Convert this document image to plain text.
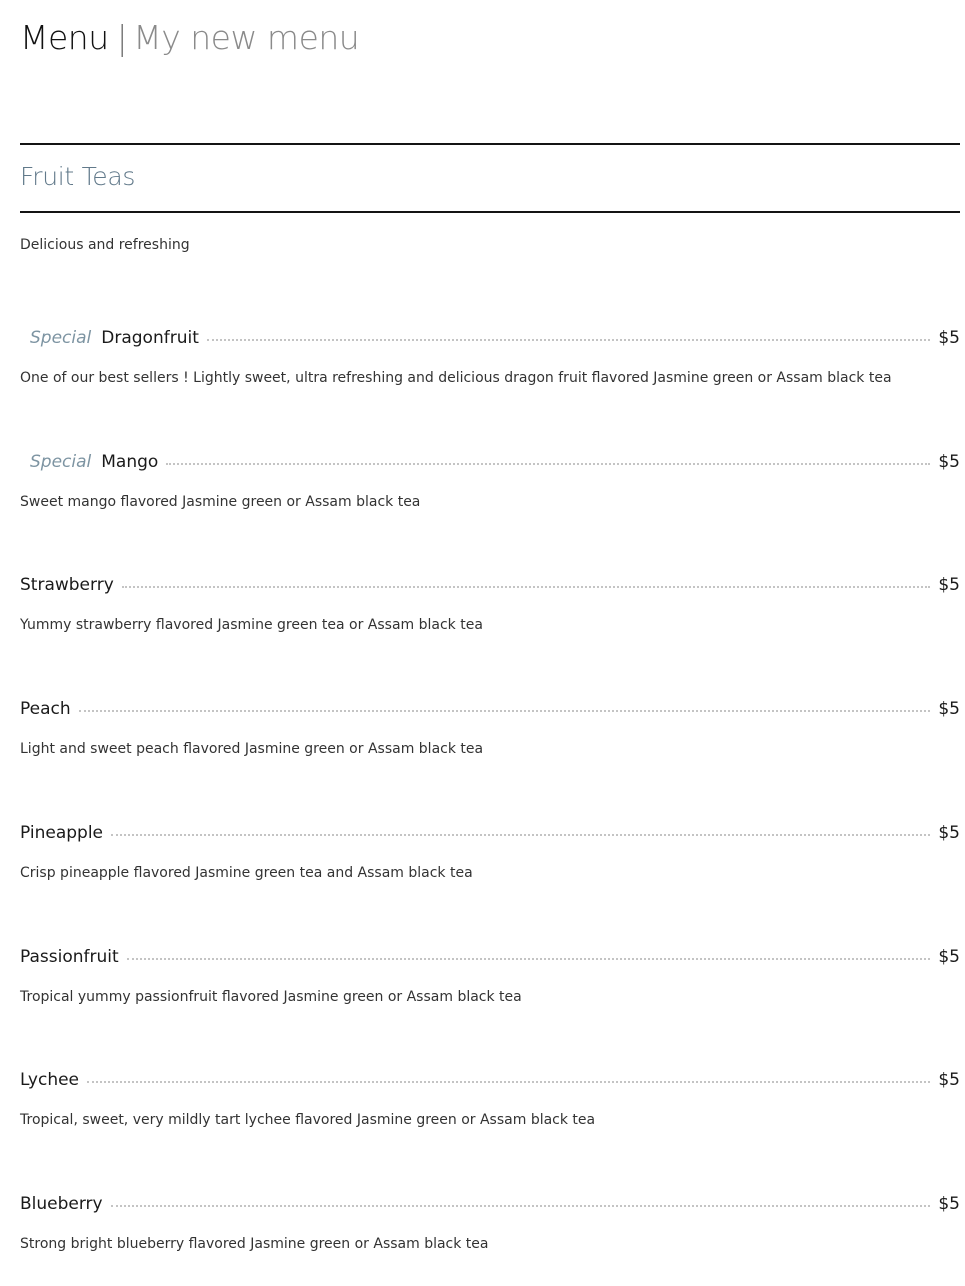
Menu | My new menu
Fruit Teas
Delicious and refreshing
Special Dragonfruit	$5
One of our best sellers ! Lightly sweet, ultra refreshing and delicious dragon fruit flavored Jasmine green or Assam black tea
Special Mango	$5
Sweet mango flavored Jasmine green or Assam black tea
Strawberry	$5
Yummy strawberry flavored Jasmine green tea or Assam black tea
Peach	$5
Light and sweet peach flavored Jasmine green or Assam black tea
Pineapple	$5
Crisp pineapple flavored Jasmine green tea and Assam black tea
Passionfruit	$5
Tropical yummy passionfruit flavored Jasmine green or Assam black tea
Lychee	$5
Tropical, sweet, very mildly tart lychee flavored Jasmine green or Assam black tea
Blueberry	$5
Strong bright blueberry flavored Jasmine green or Assam black tea
